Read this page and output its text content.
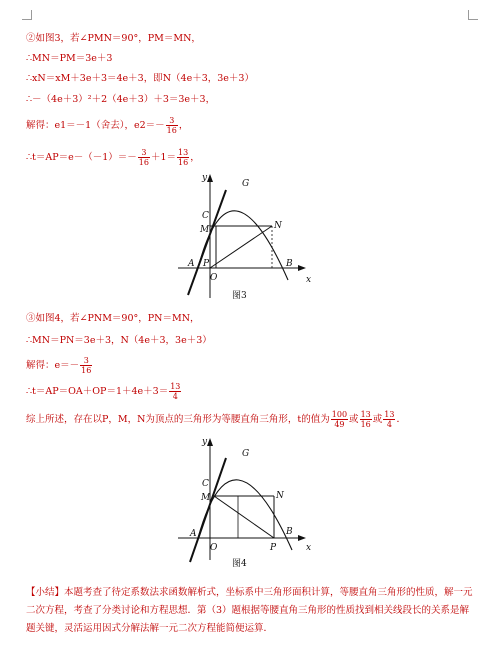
②如图3，若∠PMN＝90°，PM＝MN，
∴MN＝PM＝3e＋3
∴xN＝xM＋3e＋3＝4e＋3，即N（4e＋3，3e＋3）
∴－（4e＋3）²＋2（4e＋3）＋3＝3e＋3，
解得：e1＝－1（舍去），$e2=- \frac{3}{16}$ ，
∴t＝AP＝e－（－1）＝－ $\frac{3}{16} +1= \frac{13}{16}$ ，
y
x
G
C
M	N
A P
O
B
图3
③如图4，若∠PNM＝90°，PN＝MN，
∴MN＝PN＝3e＋3，N（4e＋3，3e＋3）
解得：$e=- \frac{3}{16}$
∴t＝AP＝OA＋OP＝1＋4e＋3＝ $\frac{13}{4}$
综上所述，存在以P，M，N为顶点的三角形为等腰直角三角形，t的值为 $\frac{100}{49}$ 或 $\frac{13}{16}$ 或 $\frac{13}{4}$ ．
y
x
G
C
M	N
A
P
O
B
图4
【小结】本题考查了待定系数法求函数解析式，坐标系中三角形面积计算，等腰直角三角形的性质，解一元二次方程，考查了分类讨论和方程思想．第（3）题根据等腰直角三角形的性质找到相关线段长的关系是解题关键，灵活运用因式分解法解一元二次方程能简便运算．
